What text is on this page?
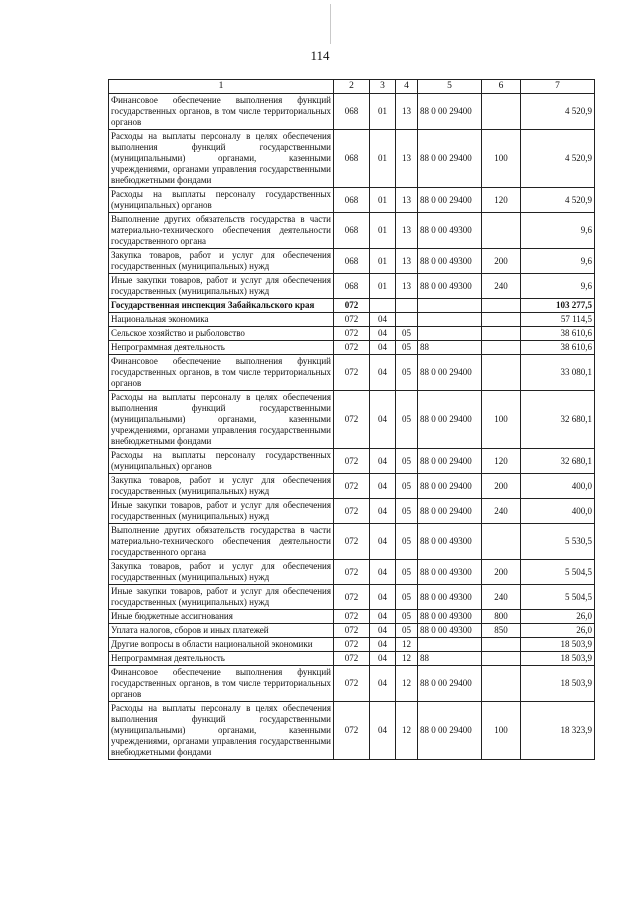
114
1	2	3	4	5	6	7
Финансовое обеспечение выполнения функций государственных органов, в том числе территориальных органов	068	01	13	88 0 00 29400		4 520,9
Расходы на выплаты персоналу в целях обеспечения выполнения функций государственными (муниципальными) органами, казенными учреждениями, органами управления государственными внебюджетными фондами	068	01	13	88 0 00 29400	100	4 520,9
Расходы на выплаты персоналу государственных (муниципальных) органов	068	01	13	88 0 00 29400	120	4 520,9
Выполнение других обязательств государства в части материально-технического обеспечения деятельности государственного органа	068	01	13	88 0 00 49300		9,6
Закупка товаров, работ и услуг для обеспечения государственных (муниципальных) нужд	068	01	13	88 0 00 49300	200	9,6
Иные закупки товаров, работ и услуг для обеспечения государственных (муниципальных) нужд	068	01	13	88 0 00 49300	240	9,6
Государственная инспекция Забайкальского края	072					103 277,5
Национальная экономика	072	04				57 114,5
Сельское хозяйство и рыболовство	072	04	05			38 610,6
Непрограммная деятельность	072	04	05	88		38 610,6
Финансовое обеспечение выполнения функций государственных органов, в том числе территориальных органов	072	04	05	88 0 00 29400		33 080,1
Расходы на выплаты персоналу в целях обеспечения выполнения функций государственными (муниципальными) органами, казенными учреждениями, органами управления государственными внебюджетными фондами	072	04	05	88 0 00 29400	100	32 680,1
Расходы на выплаты персоналу государственных (муниципальных) органов	072	04	05	88 0 00 29400	120	32 680,1
Закупка товаров, работ и услуг для обеспечения государственных (муниципальных) нужд	072	04	05	88 0 00 29400	200	400,0
Иные закупки товаров, работ и услуг для обеспечения государственных (муниципальных) нужд	072	04	05	88 0 00 29400	240	400,0
Выполнение других обязательств государства в части материально-технического обеспечения деятельности государственного органа	072	04	05	88 0 00 49300		5 530,5
Закупка товаров, работ и услуг для обеспечения государственных (муниципальных) нужд	072	04	05	88 0 00 49300	200	5 504,5
Иные закупки товаров, работ и услуг для обеспечения государственных (муниципальных) нужд	072	04	05	88 0 00 49300	240	5 504,5
Иные бюджетные ассигнования	072	04	05	88 0 00 49300	800	26,0
Уплата налогов, сборов и иных платежей	072	04	05	88 0 00 49300	850	26,0
Другие вопросы в области национальной экономики	072	04	12			18 503,9
Непрограммная деятельность	072	04	12	88		18 503,9
Финансовое обеспечение выполнения функций государственных органов, в том числе территориальных органов	072	04	12	88 0 00 29400		18 503,9
Расходы на выплаты персоналу в целях обеспечения выполнения функций государственными (муниципальными) органами, казенными учреждениями, органами управления государственными внебюджетными фондами	072	04	12	88 0 00 29400	100	18 323,9
